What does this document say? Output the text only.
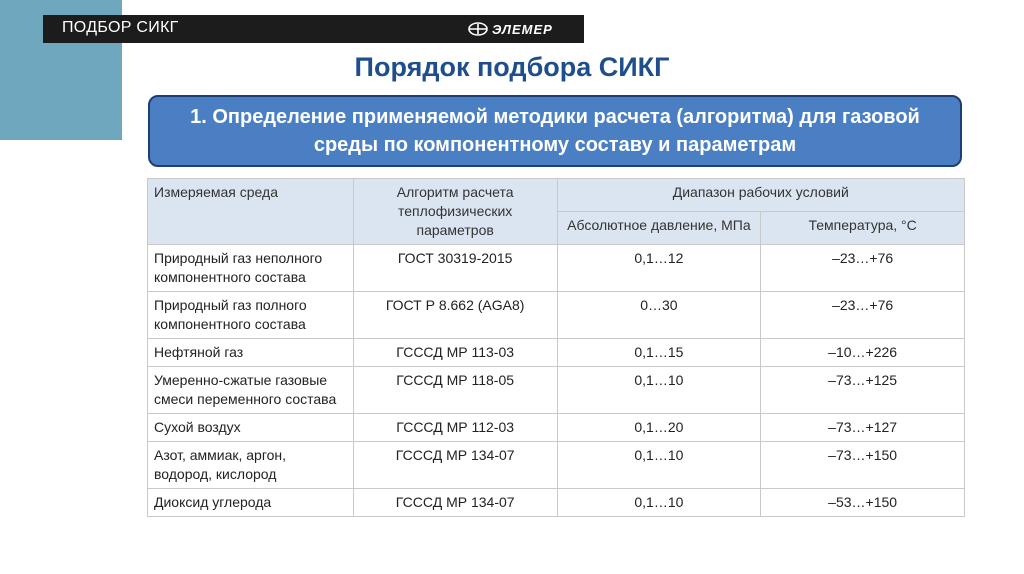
ПОДБОР СИКГ	ЭЛЕМЕР
Порядок подбора СИКГ
1. Определение применяемой методики расчета (алгоритма) для газовой среды по компонентному составу и параметрам
Измеряемая среда	Алгоритм расчета теплофизических параметров	Диапазон рабочих условий	
		Абсолютное давление, МПа	Температура, °С
Природный газ неполного компонентного состава	ГОСТ 30319-2015	0,1…12	–23…+76
Природный газ полного компонентного состава	ГОСТ Р 8.662 (AGA8)	0…30	–23…+76
Нефтяной газ	ГСССД МР 113-03	0,1…15	–10…+226
Умеренно-сжатые газовые смеси переменного состава	ГСССД МР 118-05	0,1…10	–73…+125
Сухой воздух	ГСССД МР 112-03	0,1…20	–73…+127
Азот, аммиак, аргон, водород, кислород	ГСССД МР 134-07	0,1…10	–73…+150
Диоксид углерода	ГСССД МР 134-07	0,1…10	–53…+150
